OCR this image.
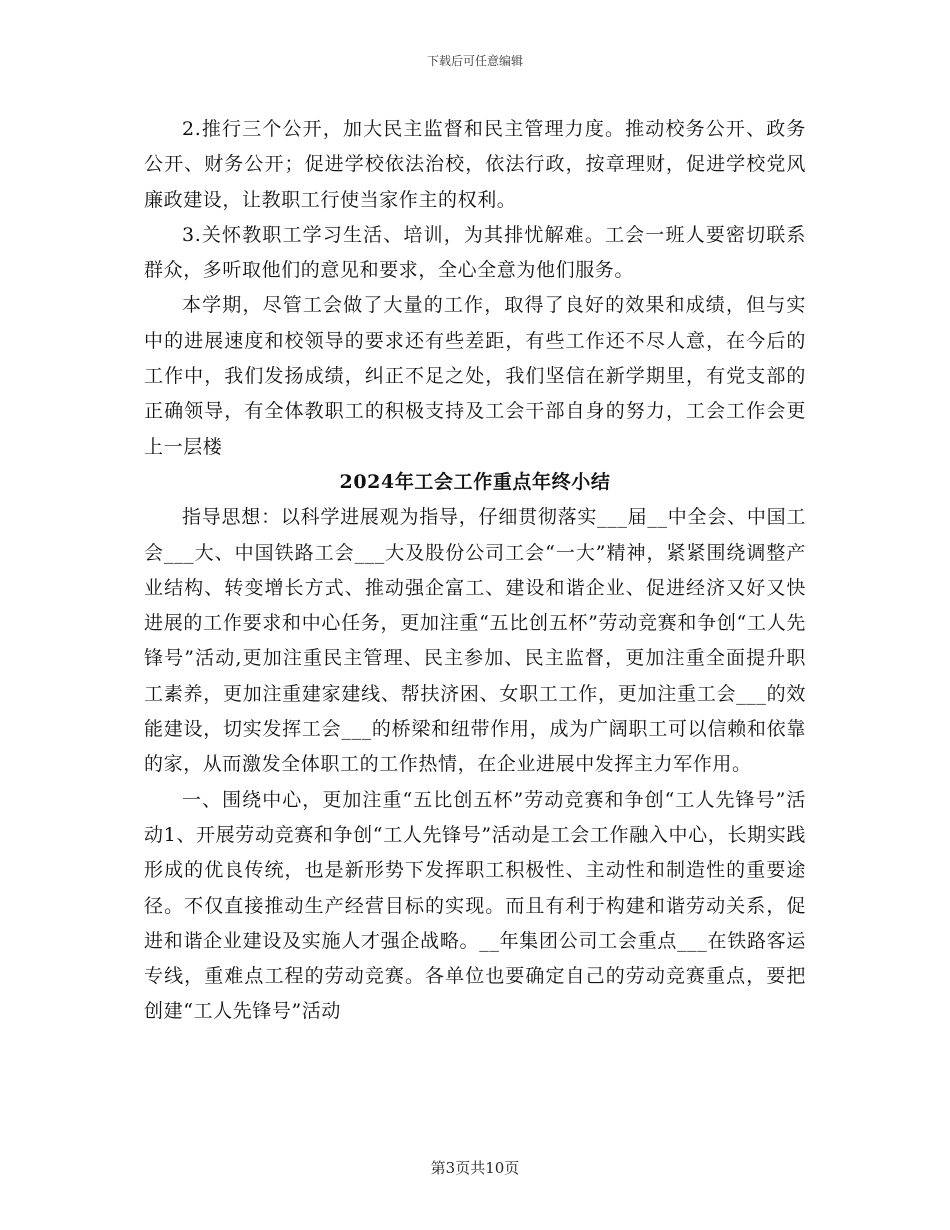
下载后可任意编辑

2.推行三个公开，加大民主监督和民主管理力度。推动校务公开、政务公开、财务公开；促进学校依法治校，依法行政，按章理财，促进学校党风廉政建设，让教职工行使当家作主的权利。

3.关怀教职工学习生活、培训，为其排忧解难。工会一班人要密切联系群众，多听取他们的意见和要求，全心全意为他们服务。

本学期，尽管工会做了大量的工作，取得了良好的效果和成绩，但与实中的进展速度和校领导的要求还有些差距，有些工作还不尽人意，在今后的工作中，我们发扬成绩，纠正不足之处，我们坚信在新学期里，有党支部的正确领导，有全体教职工的积极支持及工会干部自身的努力，工会工作会更上一层楼

2024年工会工作重点年终小结

指导思想：以科学进展观为指导，仔细贯彻落实___届__中全会、中国工会___大、中国铁路工会___大及股份公司工会“一大”精神，紧紧围绕调整产业结构、转变增长方式、推动强企富工、建设和谐企业、促进经济又好又快进展的工作要求和中心任务，更加注重“五比创五杯”劳动竞赛和争创“工人先锋号”活动,更加注重民主管理、民主参加、民主监督，更加注重全面提升职工素养，更加注重建家建线、帮扶济困、女职工工作，更加注重工会___的效能建设，切实发挥工会___的桥梁和纽带作用，成为广阔职工可以信赖和依靠的家，从而激发全体职工的工作热情，在企业进展中发挥主力军作用。

一、围绕中心，更加注重“五比创五杯”劳动竞赛和争创“工人先锋号”活动1、开展劳动竞赛和争创“工人先锋号”活动是工会工作融入中心，长期实践形成的优良传统，也是新形势下发挥职工积极性、主动性和制造性的重要途径。不仅直接推动生产经营目标的实现。而且有利于构建和谐劳动关系，促进和谐企业建设及实施人才强企战略。__年集团公司工会重点___在铁路客运专线，重难点工程的劳动竞赛。各单位也要确定自己的劳动竞赛重点，要把创建“工人先锋号”活动

第3页共10页
